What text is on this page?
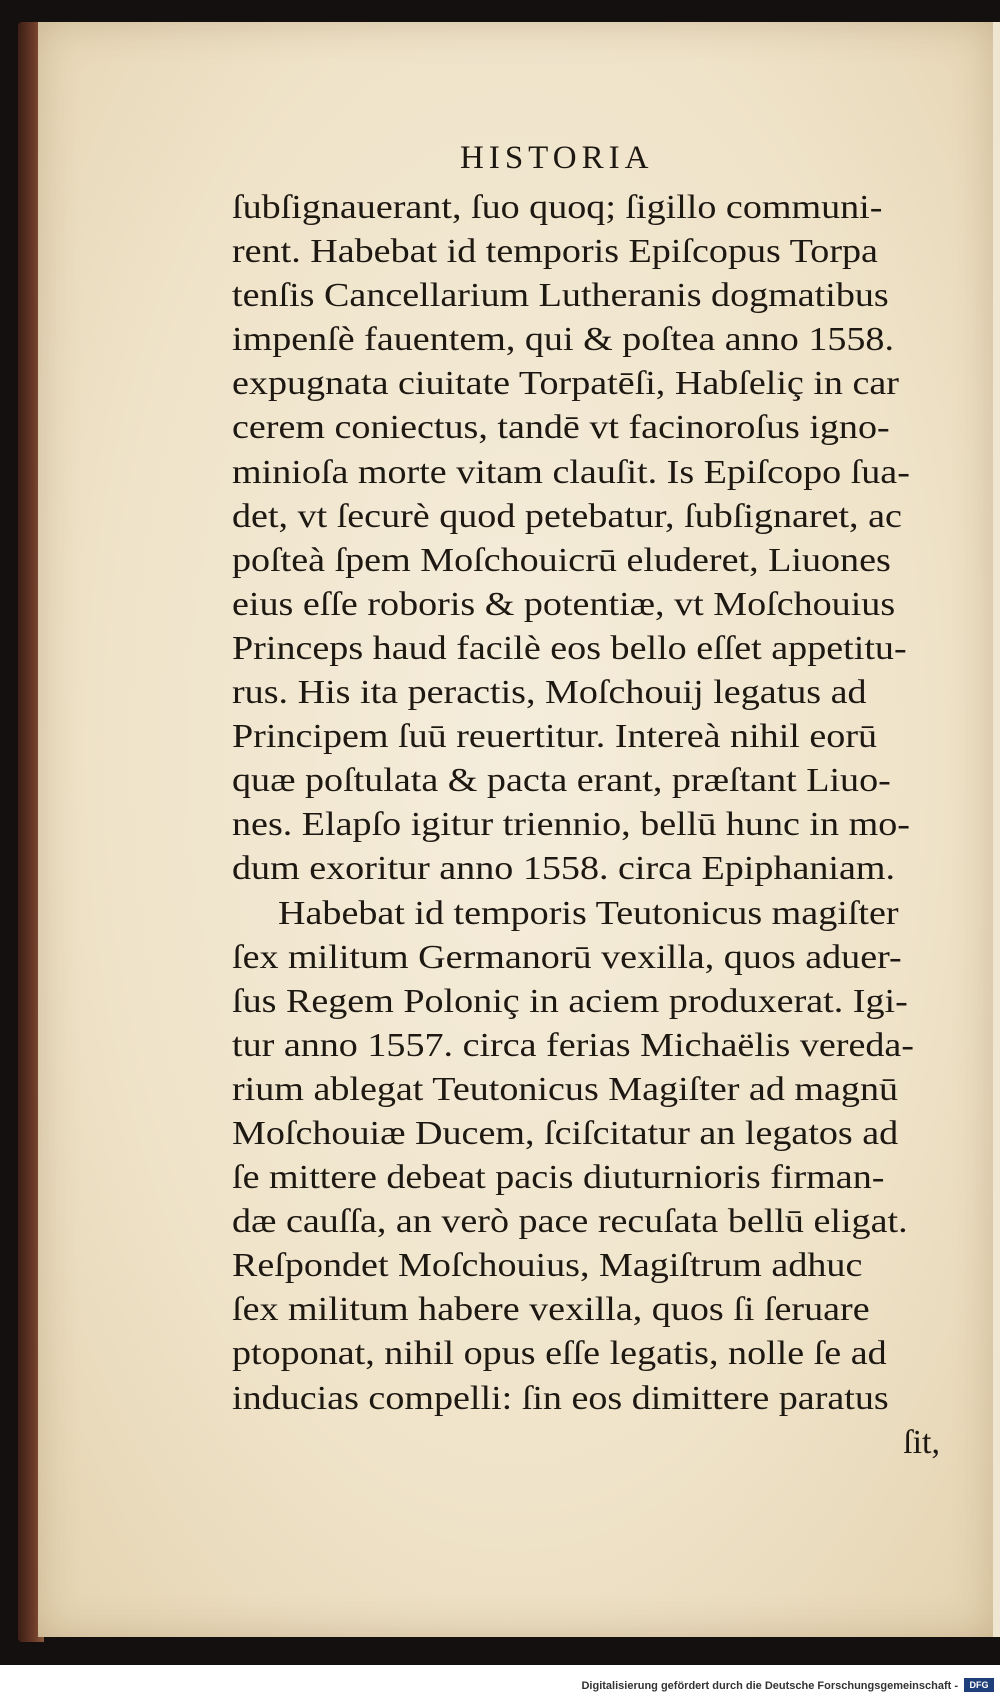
HISTORIA
ſubſignauerant, ſuo quoq; ſigillo communi-
rent. Habebat id temporis Epiſcopus Torpa
tenſis Cancellarium Lutheranis dogmatibus
impenſè fauentem, qui & poſtea anno 1558.
expugnata ciuitate Torpatēſi, Habſeliç in car
cerem coniectus, tandē vt facinoroſus igno-
minioſa morte vitam clauſit. Is Epiſcopo ſua-
det, vt ſecurè quod petebatur, ſubſignaret, ac
poſteà ſpem Moſchouicrū eluderet, Liuones
eius eſſe roboris & potentiæ, vt Moſchouius
Princeps haud facilè eos bello eſſet appetitu-
rus. His ita peractis, Moſchouij legatus ad
Principem ſuū reuertitur. Intereà nihil eorū
quæ poſtulata & pacta erant, præſtant Liuo-
nes. Elapſo igitur triennio, bellū hunc in mo-
dum exoritur anno 1558. circa Epiphaniam.
Habebat id temporis Teutonicus magiſter
ſex militum Germanorū vexilla, quos aduer-
ſus Regem Poloniç in aciem produxerat. Igi-
tur anno 1557. circa ferias Michaëlis vereda-
rium ablegat Teutonicus Magiſter ad magnū
Moſchouiæ Ducem, ſciſcitatur an legatos ad
ſe mittere debeat pacis diuturnioris firman-
dæ cauſſa, an verò pace recuſata bellū eligat.
Reſpondet Moſchouius, Magiſtrum adhuc
ſex militum habere vexilla, quos ſi ſeruare
ptoponat, nihil opus eſſe legatis, nolle ſe ad
inducias compelli: ſin eos dimittere paratus
ſit,
Digitalisierung gefördert durch die Deutsche Forschungsgemeinschaft -	DFG
